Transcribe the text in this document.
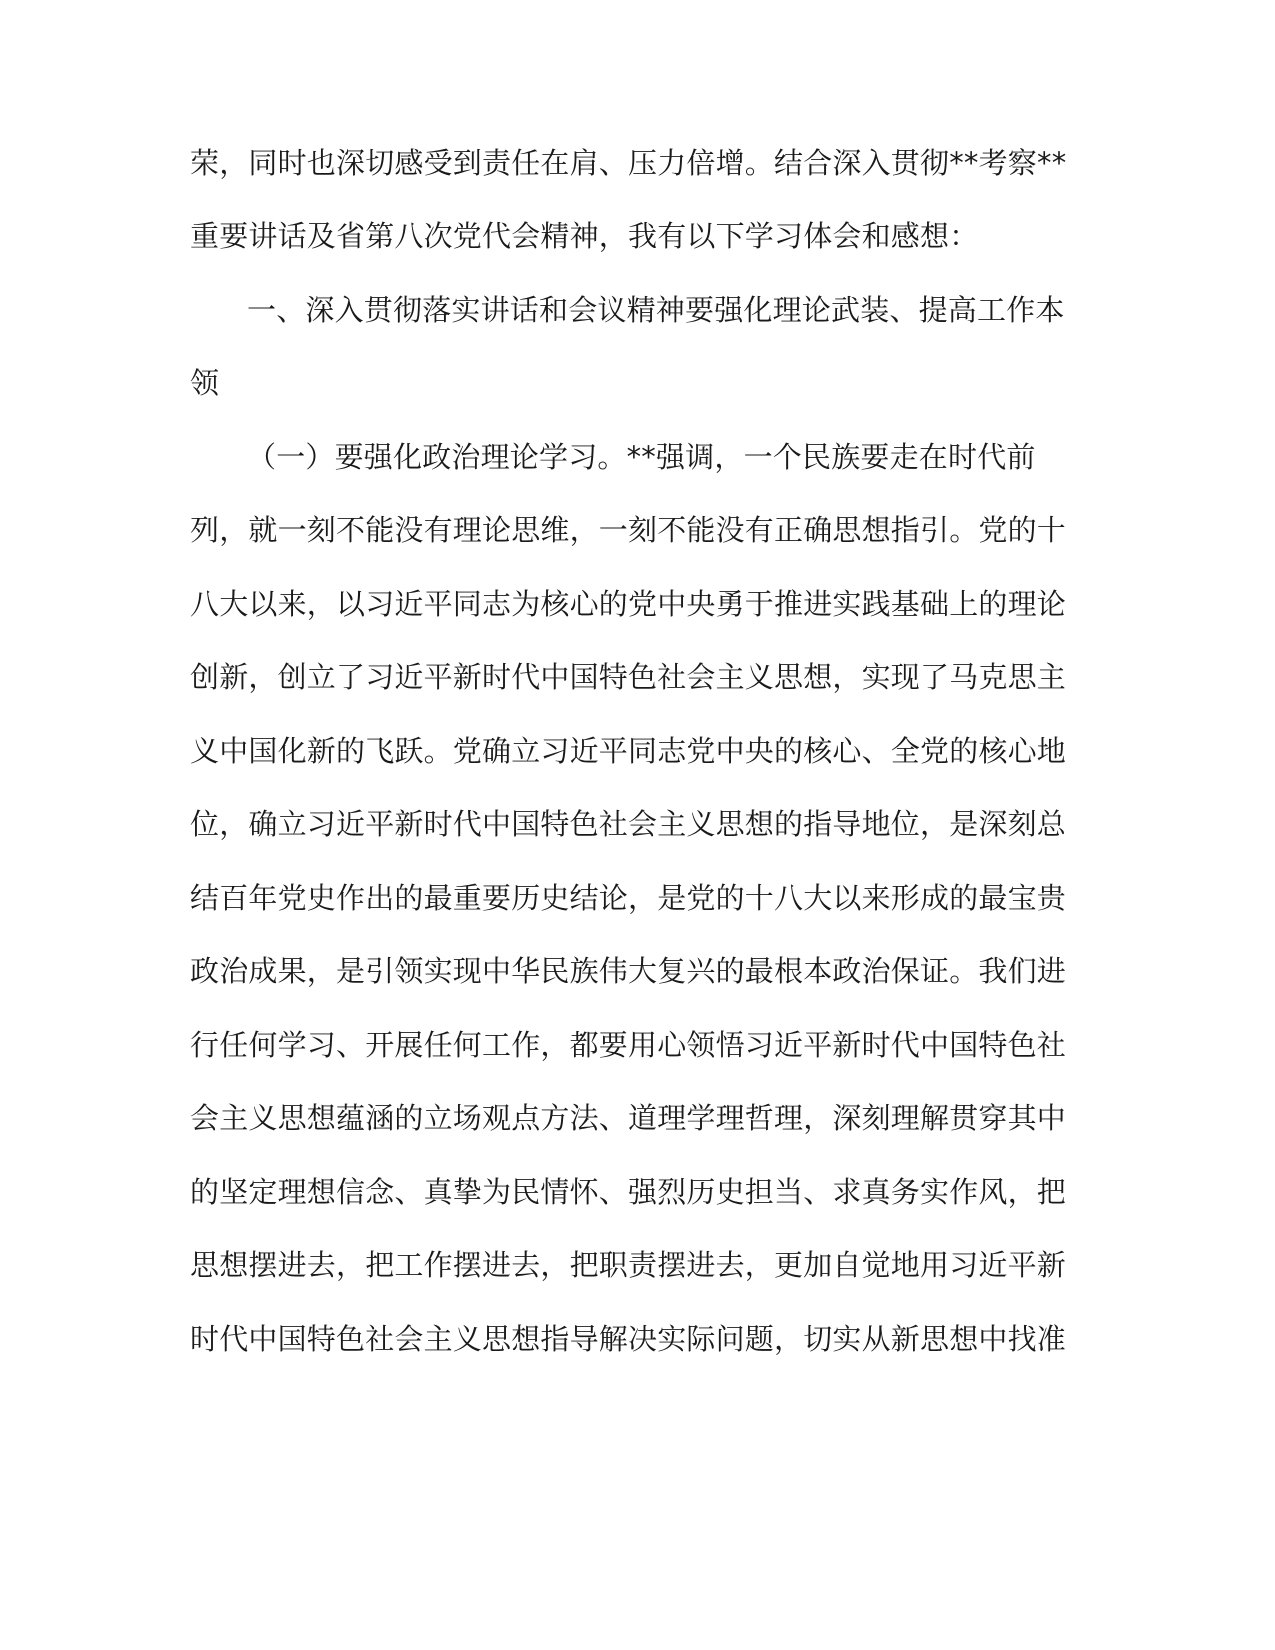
荣，同时也深切感受到责任在肩、压力倍增。结合深入贯彻**考察**
重要讲话及省第八次党代会精神，我有以下学习体会和感想：
一、深入贯彻落实讲话和会议精神要强化理论武装、提高工作本
领
（一）要强化政治理论学习。**强调，一个民族要走在时代前
列，就一刻不能没有理论思维，一刻不能没有正确思想指引。党的十
八大以来，以习近平同志为核心的党中央勇于推进实践基础上的理论
创新，创立了习近平新时代中国特色社会主义思想，实现了马克思主
义中国化新的飞跃。党确立习近平同志党中央的核心、全党的核心地
位，确立习近平新时代中国特色社会主义思想的指导地位，是深刻总
结百年党史作出的最重要历史结论，是党的十八大以来形成的最宝贵
政治成果，是引领实现中华民族伟大复兴的最根本政治保证。我们进
行任何学习、开展任何工作，都要用心领悟习近平新时代中国特色社
会主义思想蕴涵的立场观点方法、道理学理哲理，深刻理解贯穿其中
的坚定理想信念、真挚为民情怀、强烈历史担当、求真务实作风，把
思想摆进去，把工作摆进去，把职责摆进去，更加自觉地用习近平新
时代中国特色社会主义思想指导解决实际问题，切实从新思想中找准
